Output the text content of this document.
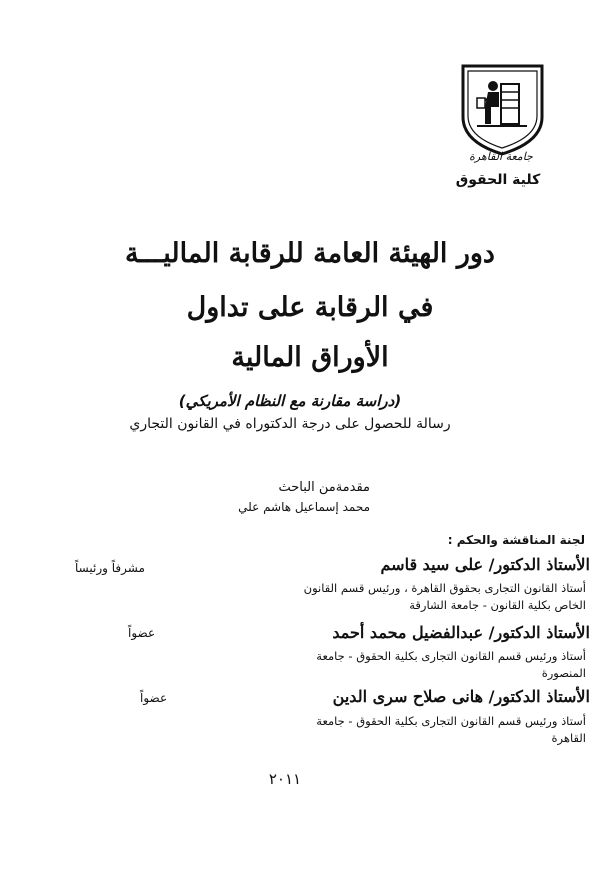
جامعة القاهرة
كلية الحقوق
دور الهيئة العامة للرقابة الماليـــة
في الرقابة على تداول
الأوراق المالية
(دراسة مقارنة مع النظام الأمريكي)
رسالة للحصول على درجة الدكتوراه في القانون التجاري
مقدمةمن الباحث
محمد إسماعيل هاشم علي
لجنة المناقشة والحكم :
الأستاذ الدكتور/ على سيد قاسم
مشرفاً ورئيساً
أستاذ القانون التجارى بحقوق القاهرة ، ورئيس قسم القانون
الخاص بكلية القانون - جامعة الشارقة
الأستاذ الدكتور/ عبدالفضيل محمد أحمد
عضواً
أستاذ ورئيس قسم القانون التجارى بكلية الحقوق - جامعة
المنصورة
الأستاذ الدكتور/ هانى صلاح سرى الدين
عضواً
أستاذ ورئيس قسم القانون التجارى بكلية الحقوق - جامعة
القاهرة
٢٠١١
